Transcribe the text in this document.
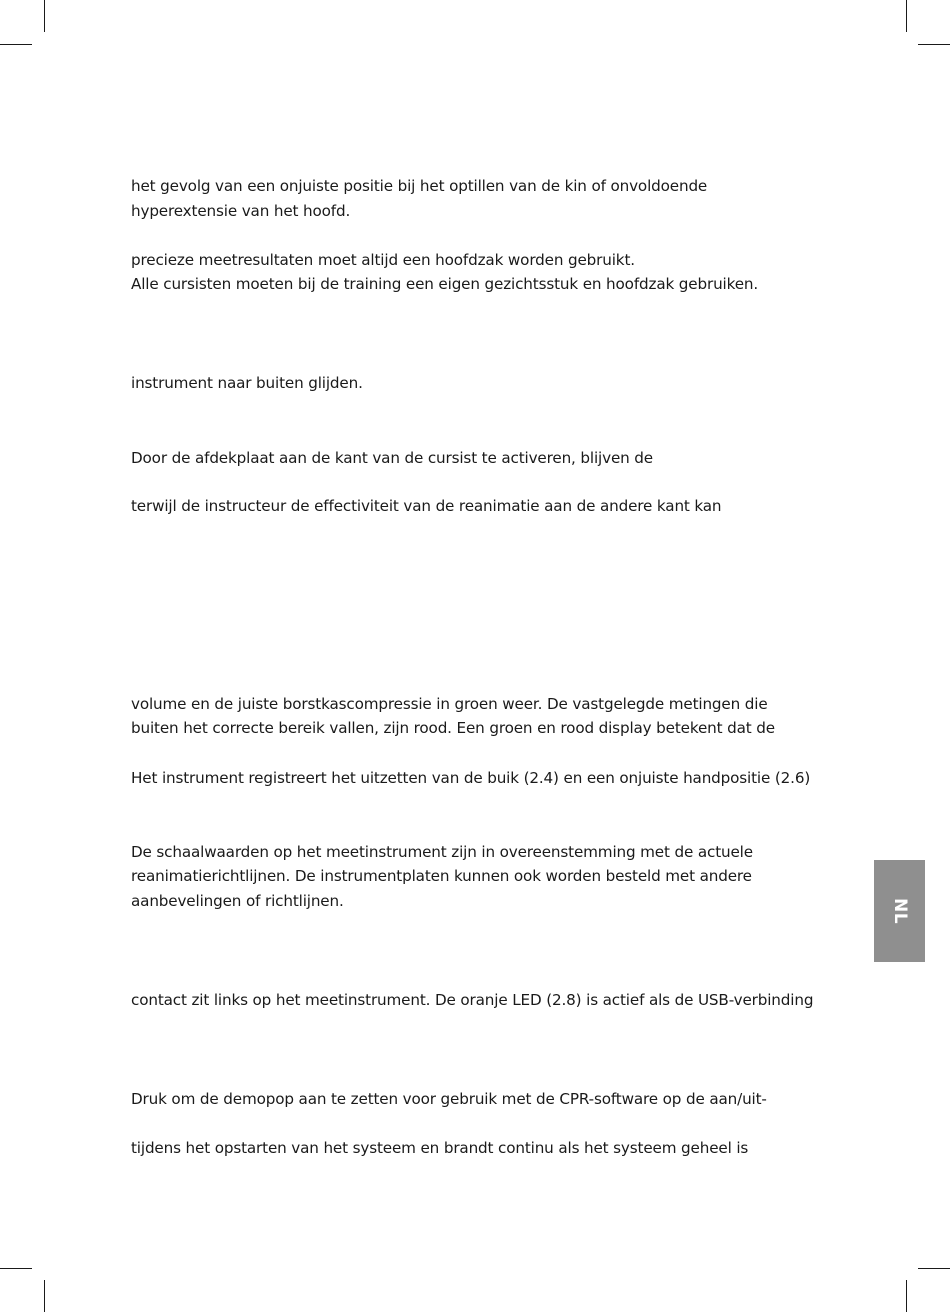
het gevolg van een onjuiste positie bij het optillen van de kin of onvoldoende
hyperextensie van het hoofd.
precieze meetresultaten moet altijd een hoofdzak worden gebruikt.
Alle cursisten moeten bij de training een eigen gezichtsstuk en hoofdzak gebruiken.
instrument naar buiten glijden.
Door de afdekplaat aan de kant van de cursist te activeren, blijven de
terwijl de instructeur de effectiviteit van de reanimatie aan de andere kant kan
volume en de juiste borstkascompressie in groen weer. De vastgelegde metingen die
buiten het correcte bereik vallen, zijn rood. Een groen en rood display betekent dat de
Het instrument registreert het uitzetten van de buik (2.4) en een onjuiste handpositie (2.6)
De schaalwaarden op het meetinstrument zijn in overeenstemming met de actuele
reanimatierichtlijnen. De instrumentplaten kunnen ook worden besteld met andere
aanbevelingen of richtlijnen.
contact zit links op het meetinstrument. De oranje LED (2.8) is actief als de USB-verbinding
Druk om de demopop aan te zetten voor gebruik met de CPR-software op de aan/uit-
tijdens het opstarten van het systeem en brandt continu als het systeem geheel is
NL
